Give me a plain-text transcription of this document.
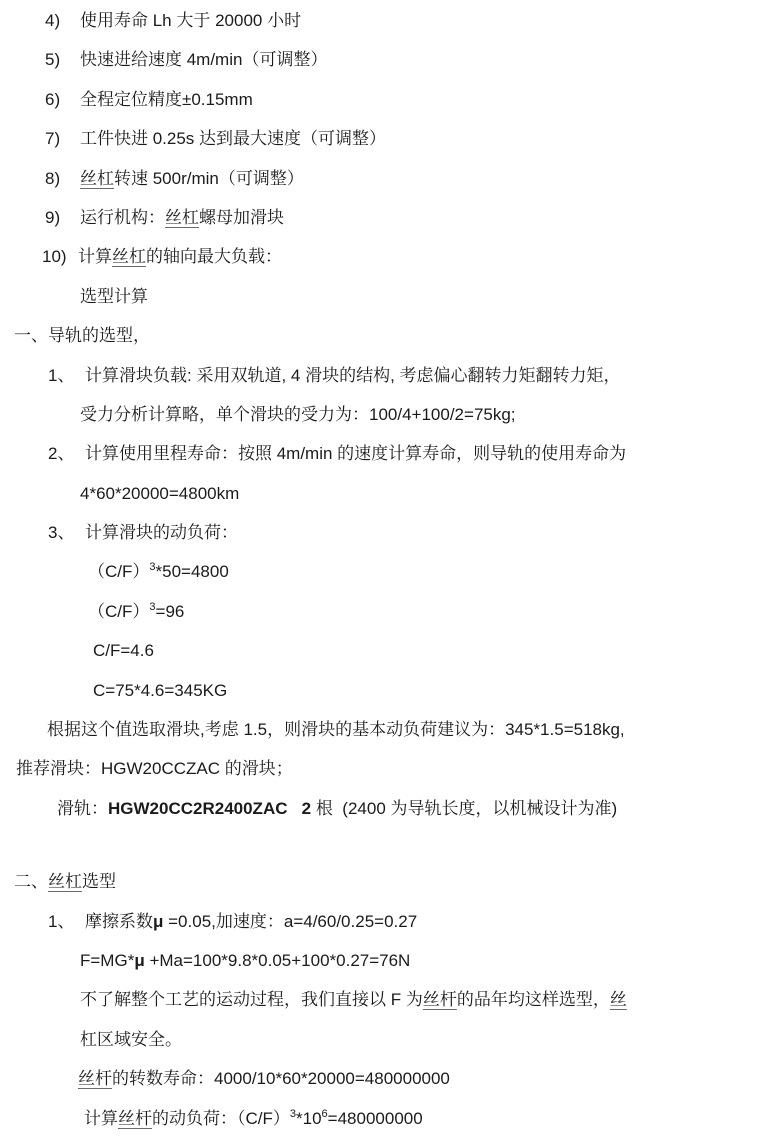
4)	使用寿命 Lh 大于 20000 小时
5)	快速进给速度 4m/min（可调整）
6)	全程定位精度±0.15mm
7)	工件快进 0.25s 达到最大速度（可调整）
8)	丝杠转速 500r/min（可调整）
9)	运行机构：丝杠螺母加滑块
10) 计算丝杠的轴向最大负载：
选型计算
一、导轨的选型，
1、 计算滑块负载: 采用双轨道, 4 滑块的结构, 考虑偏心翻转力矩翻转力矩，
受力分析计算略，单个滑块的受力为：100/4+100/2=75kg;
2、 计算使用里程寿命：按照 4m/min 的速度计算寿命，则导轨的使用寿命为
4*60*20000=4800km
3、 计算滑块的动负荷：
$(C/F)^3*50=4800$
$(C/F)^3=96$
C/F=4.6
C=75*4.6=345KG
根据这个值选取滑块,考虑 1.5，则滑块的基本动负荷建议为：345*1.5=518kg,
推荐滑块：HGW20CCZAC 的滑块；
滑轨：HGW20CC2R2400ZAC 2 根  (2400 为导轨长度，以机械设计为准)
二、丝杠选型
1、 摩擦系数μ =0.05,加速度：a=4/60/0.25=0.27
F=MG*μ +Ma=100*9.8*0.05+100*0.27=76N
不了解整个工艺的运动过程，我们直接以 F 为丝杆的品年均这样选型，丝
杠区域安全。
丝杆的转数寿命：4000/10*60*20000=480000000
计算丝杆的动负荷：$(C/F)^3*10^6=480000000$
